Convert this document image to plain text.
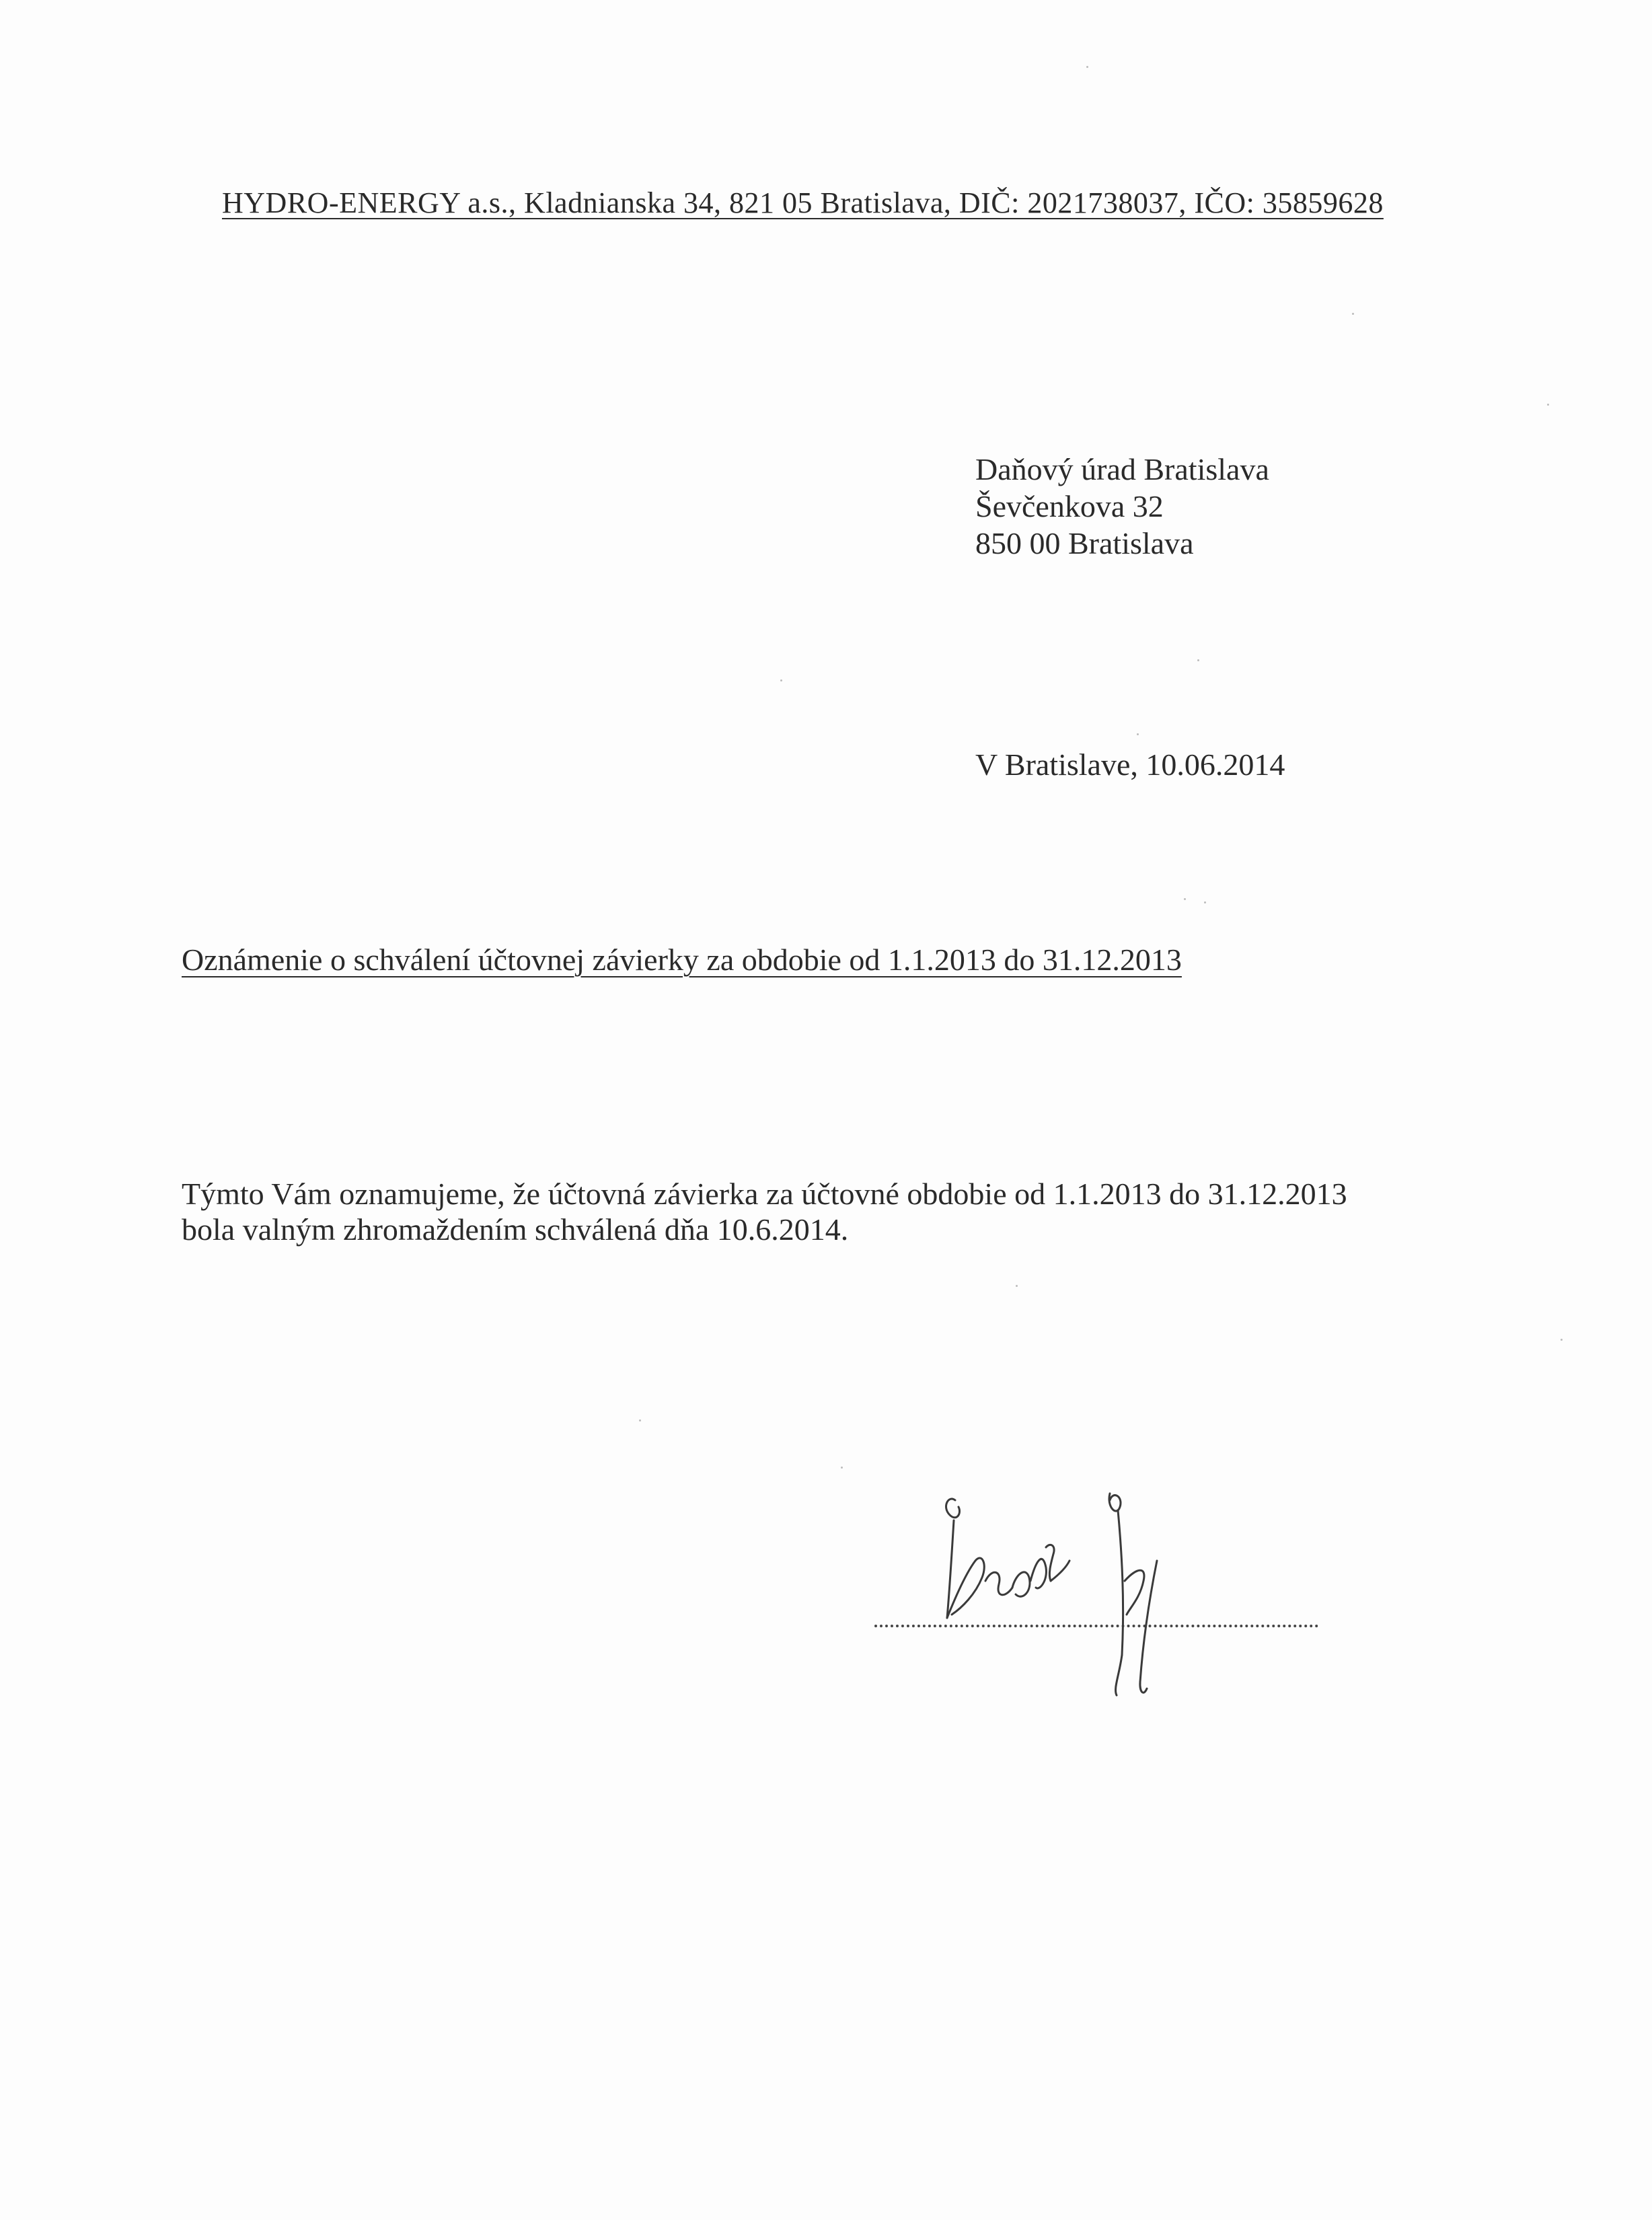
HYDRO-ENERGY a.s., Kladnianska 34, 821 05 Bratislava, DIČ: 2021738037, IČO: 35859628
Daňový úrad Bratislava
Ševčenkova 32
850 00 Bratislava
V Bratislave, 10.06.2014
Oznámenie o schválení účtovnej závierky za obdobie od 1.1.2013 do 31.12.2013
Týmto Vám oznamujeme, že účtovná závierka za účtovné obdobie od 1.1.2013 do 31.12.2013
bola valným zhromaždením schválená dňa 10.6.2014.
